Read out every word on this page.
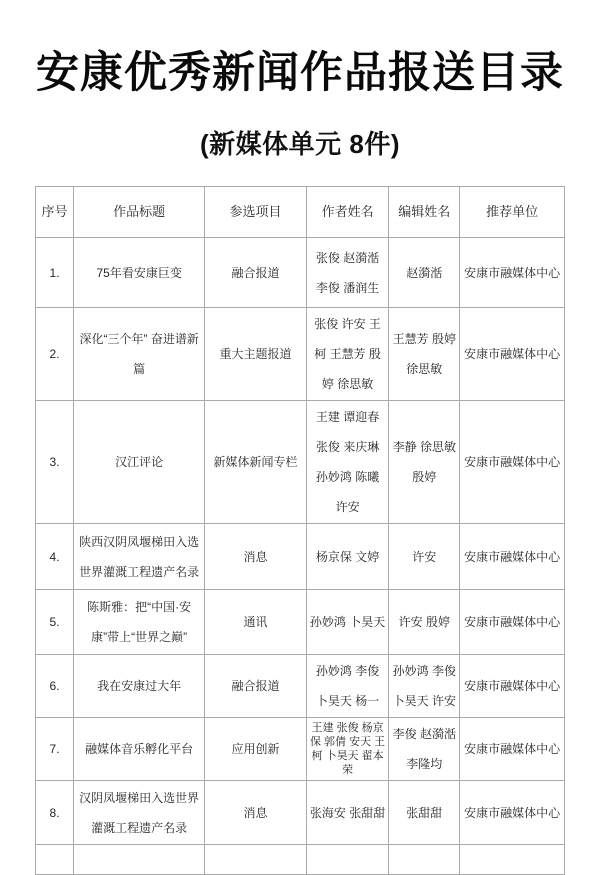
安康优秀新闻作品报送目录
(新媒体单元 8件)
序号	作品标题	参选项目	作者姓名	编辑姓名	推荐单位
1.	75年看安康巨变	融合报道	张俊 赵漪湉 李俊 潘润生	赵漪湉	安康市融媒体中心
2.	深化“三个年” 奋进谱新篇	重大主题报道	张俊 许安 王柯 王慧芳 殷婷 徐思敏	王慧芳 殷婷 徐思敏	安康市融媒体中心
3.	汉江评论	新媒体新闻专栏	王建 谭迎春 张俊 来庆琳 孙妙鸿 陈曦 许安	李静 徐思敏 殷婷	安康市融媒体中心
4.	陕西汉阴凤堰梯田入选世界灌溉工程遗产名录	消息	杨京保 文婷	许安	安康市融媒体中心
5.	陈斯雅：把“中国·安康”带上“世界之巅”	通讯	孙妙鸿 卜昊天	许安 殷婷	安康市融媒体中心
6.	我在安康过大年	融合报道	孙妙鸿 李俊 卜昊天 杨一	孙妙鸿 李俊 卜昊天 许安	安康市融媒体中心
7.	融媒体音乐孵化平台	应用创新	王建 张俊 杨京保 郭倩 安天 王柯 卜昊天 翟本荣	李俊 赵漪湉 李隆均	安康市融媒体中心
8.	汉阴凤堰梯田入选世界灌溉工程遗产名录	消息	张海安 张甜甜	张甜甜	安康市融媒体中心
